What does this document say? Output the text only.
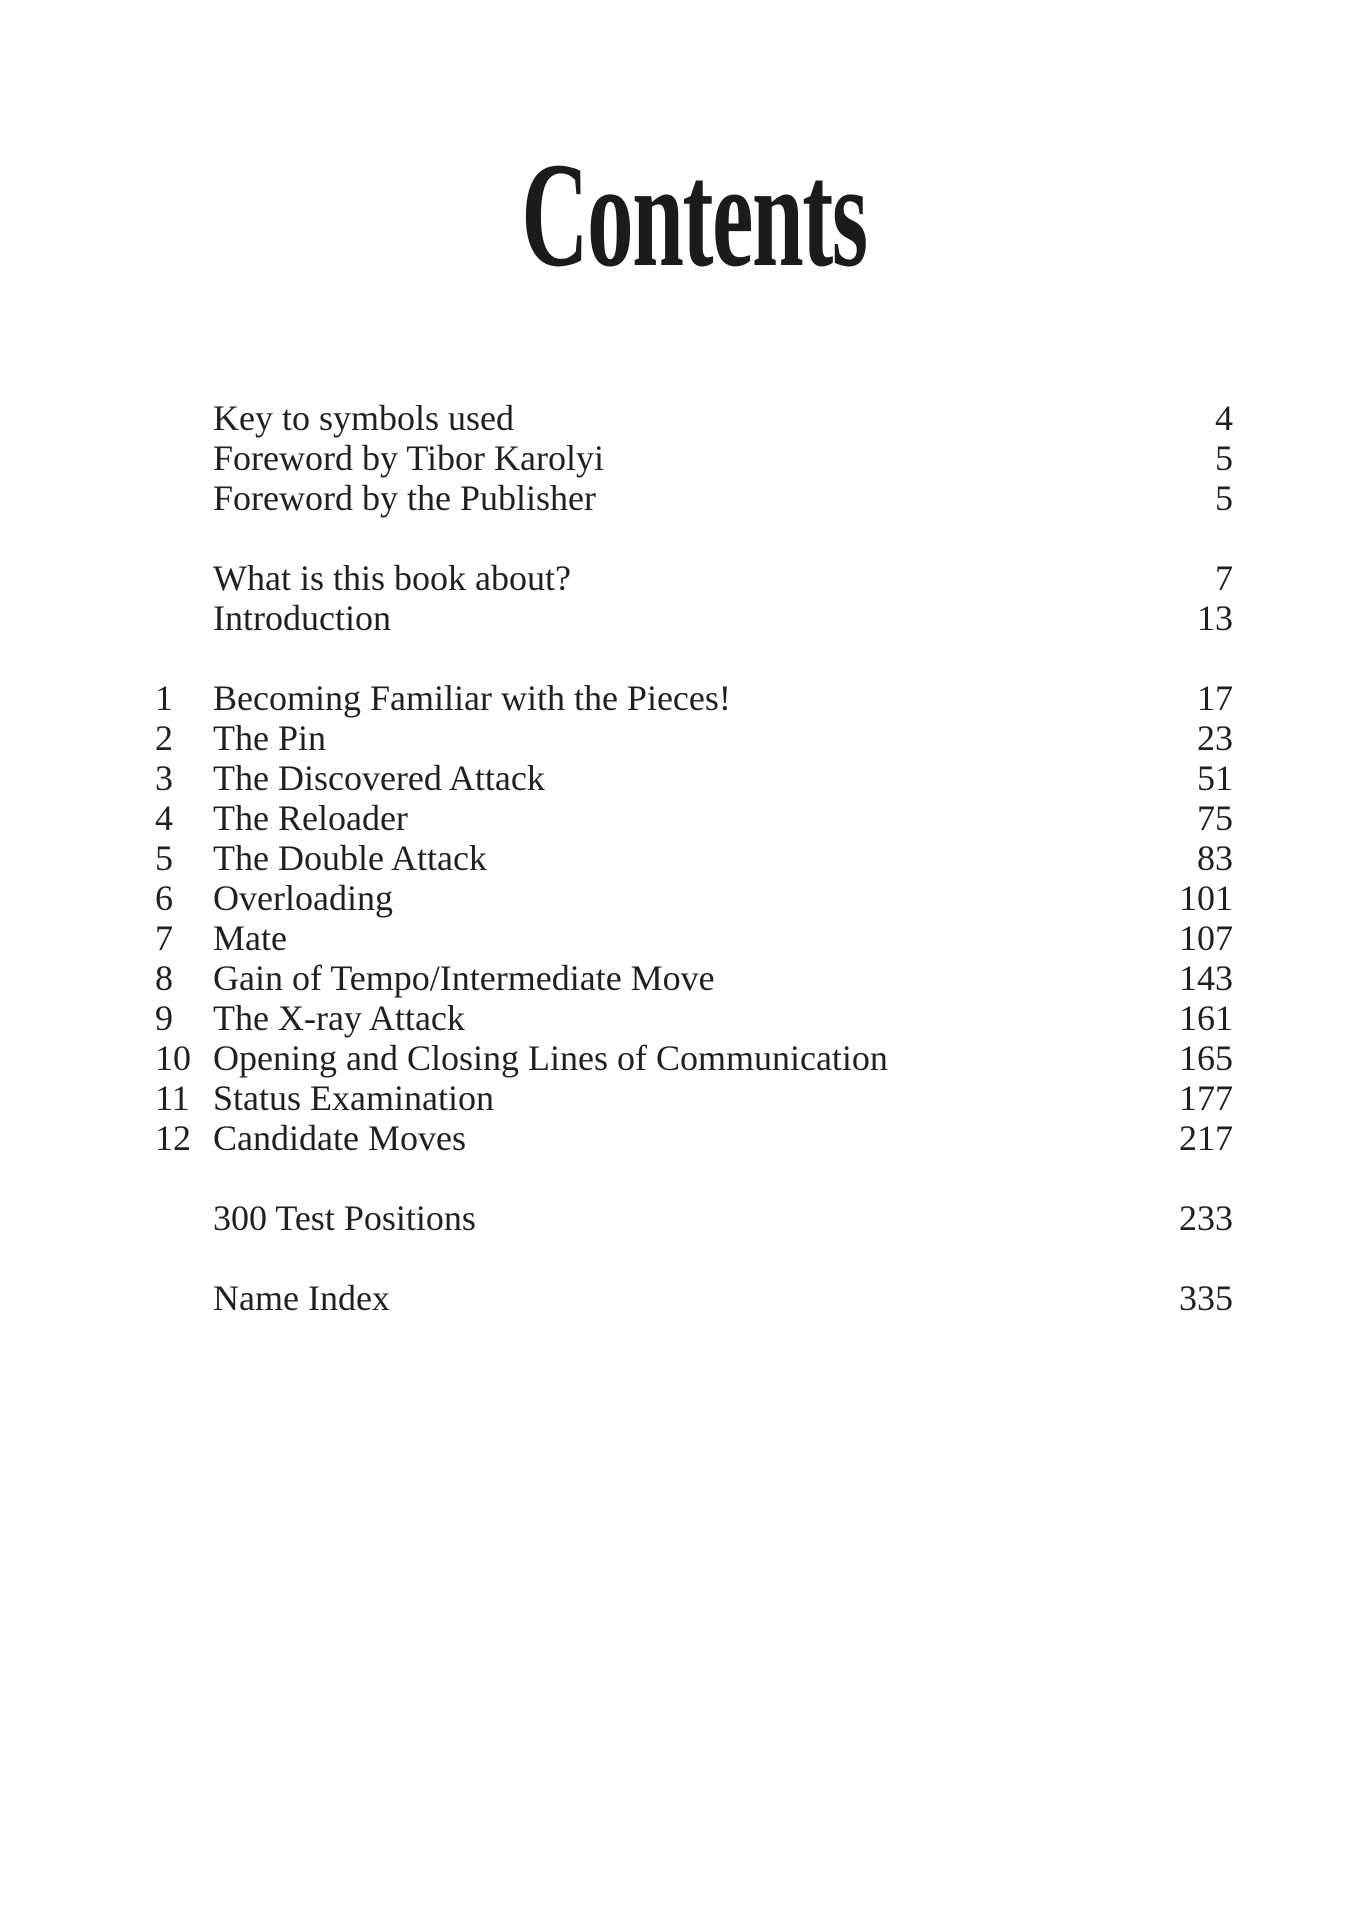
Contents
Key to symbols used	4
Foreword by Tibor Karolyi	5
Foreword by the Publisher	5
What is this book about?	7
Introduction	13
1	Becoming Familiar with the Pieces!	17
2	The Pin	23
3	The Discovered Attack	51
4	The Reloader	75
5	The Double Attack	83
6	Overloading	101
7	Mate	107
8	Gain of Tempo/Intermediate Move	143
9	The X-ray Attack	161
10 Opening and Closing Lines of Communication	165
11 Status Examination	177
12 Candidate Moves	217
300 Test Positions	233
Name Index	335
